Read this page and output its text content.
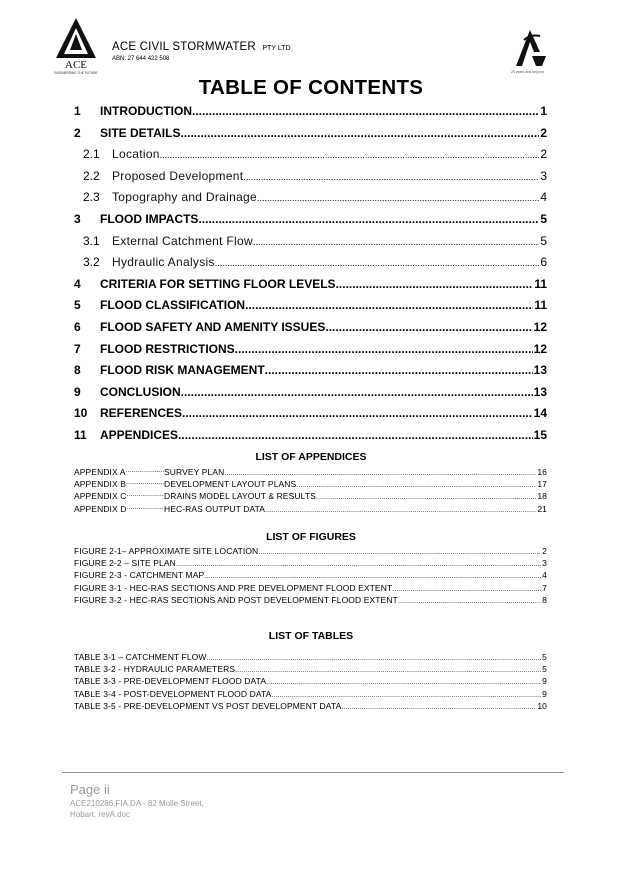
ACE
ENGINEERING THE FUTURE
ACE CIVIL STORMWATER PTY LTD
ABN: 27 644 422 508
25 years and beyond
TABLE OF CONTENTS
1	INTRODUCTION .....	1
2	SITE DETAILS .....	2
2.1	Location .....	2
2.2	Proposed Development .....	3
2.3	Topography and Drainage .....	4
3	FLOOD IMPACTS .....	5
3.1	External Catchment Flow .....	5
3.2	Hydraulic Analysis .....	6
4	CRITERIA FOR SETTING FLOOR LEVELS .....	11
5	FLOOD CLASSIFICATION .....	11
6	FLOOD SAFETY AND AMENITY ISSUES .....	12
7	FLOOD RESTRICTIONS .....	12
8	FLOOD RISK MANAGEMENT .....	13
9	CONCLUSION .....	13
10	REFERENCES .....	14
11	APPENDICES .....	15
LIST OF APPENDICES
APPENDIX A .....	SURVEY PLAN .....	16
APPENDIX B .....	DEVELOPMENT LAYOUT PLANS .....	17
APPENDIX C .....	DRAINS MODEL LAYOUT & RESULTS .....	18
APPENDIX D .....	HEC-RAS OUTPUT DATA .....	21
LIST OF FIGURES
FIGURE 2-1– APPROXIMATE SITE LOCATION .....	2
FIGURE 2-2 – SITE PLAN .....	3
FIGURE 2-3 - CATCHMENT MAP .....	4
FIGURE 3-1 - HEC-RAS SECTIONS AND PRE DEVELOPMENT FLOOD EXTENT .....	7
FIGURE 3-2 - HEC-RAS SECTIONS AND POST DEVELOPMENT FLOOD EXTENT .....	8
LIST OF TABLES
TABLE 3-1 – CATCHMENT FLOW .....	5
TABLE 3-2 - HYDRAULIC PARAMETERS .....	5
TABLE 3-3 - PRE-DEVELOPMENT FLOOD DATA .....	9
TABLE 3-4 - POST-DEVELOPMENT FLOOD DATA .....	9
TABLE 3-5 - PRE-DEVELOPMENT VS POST DEVELOPMENT DATA .....	10
Page ii
ACE210286,FIA.DA - 82 Molle Street,
Hobart, revA.doc
